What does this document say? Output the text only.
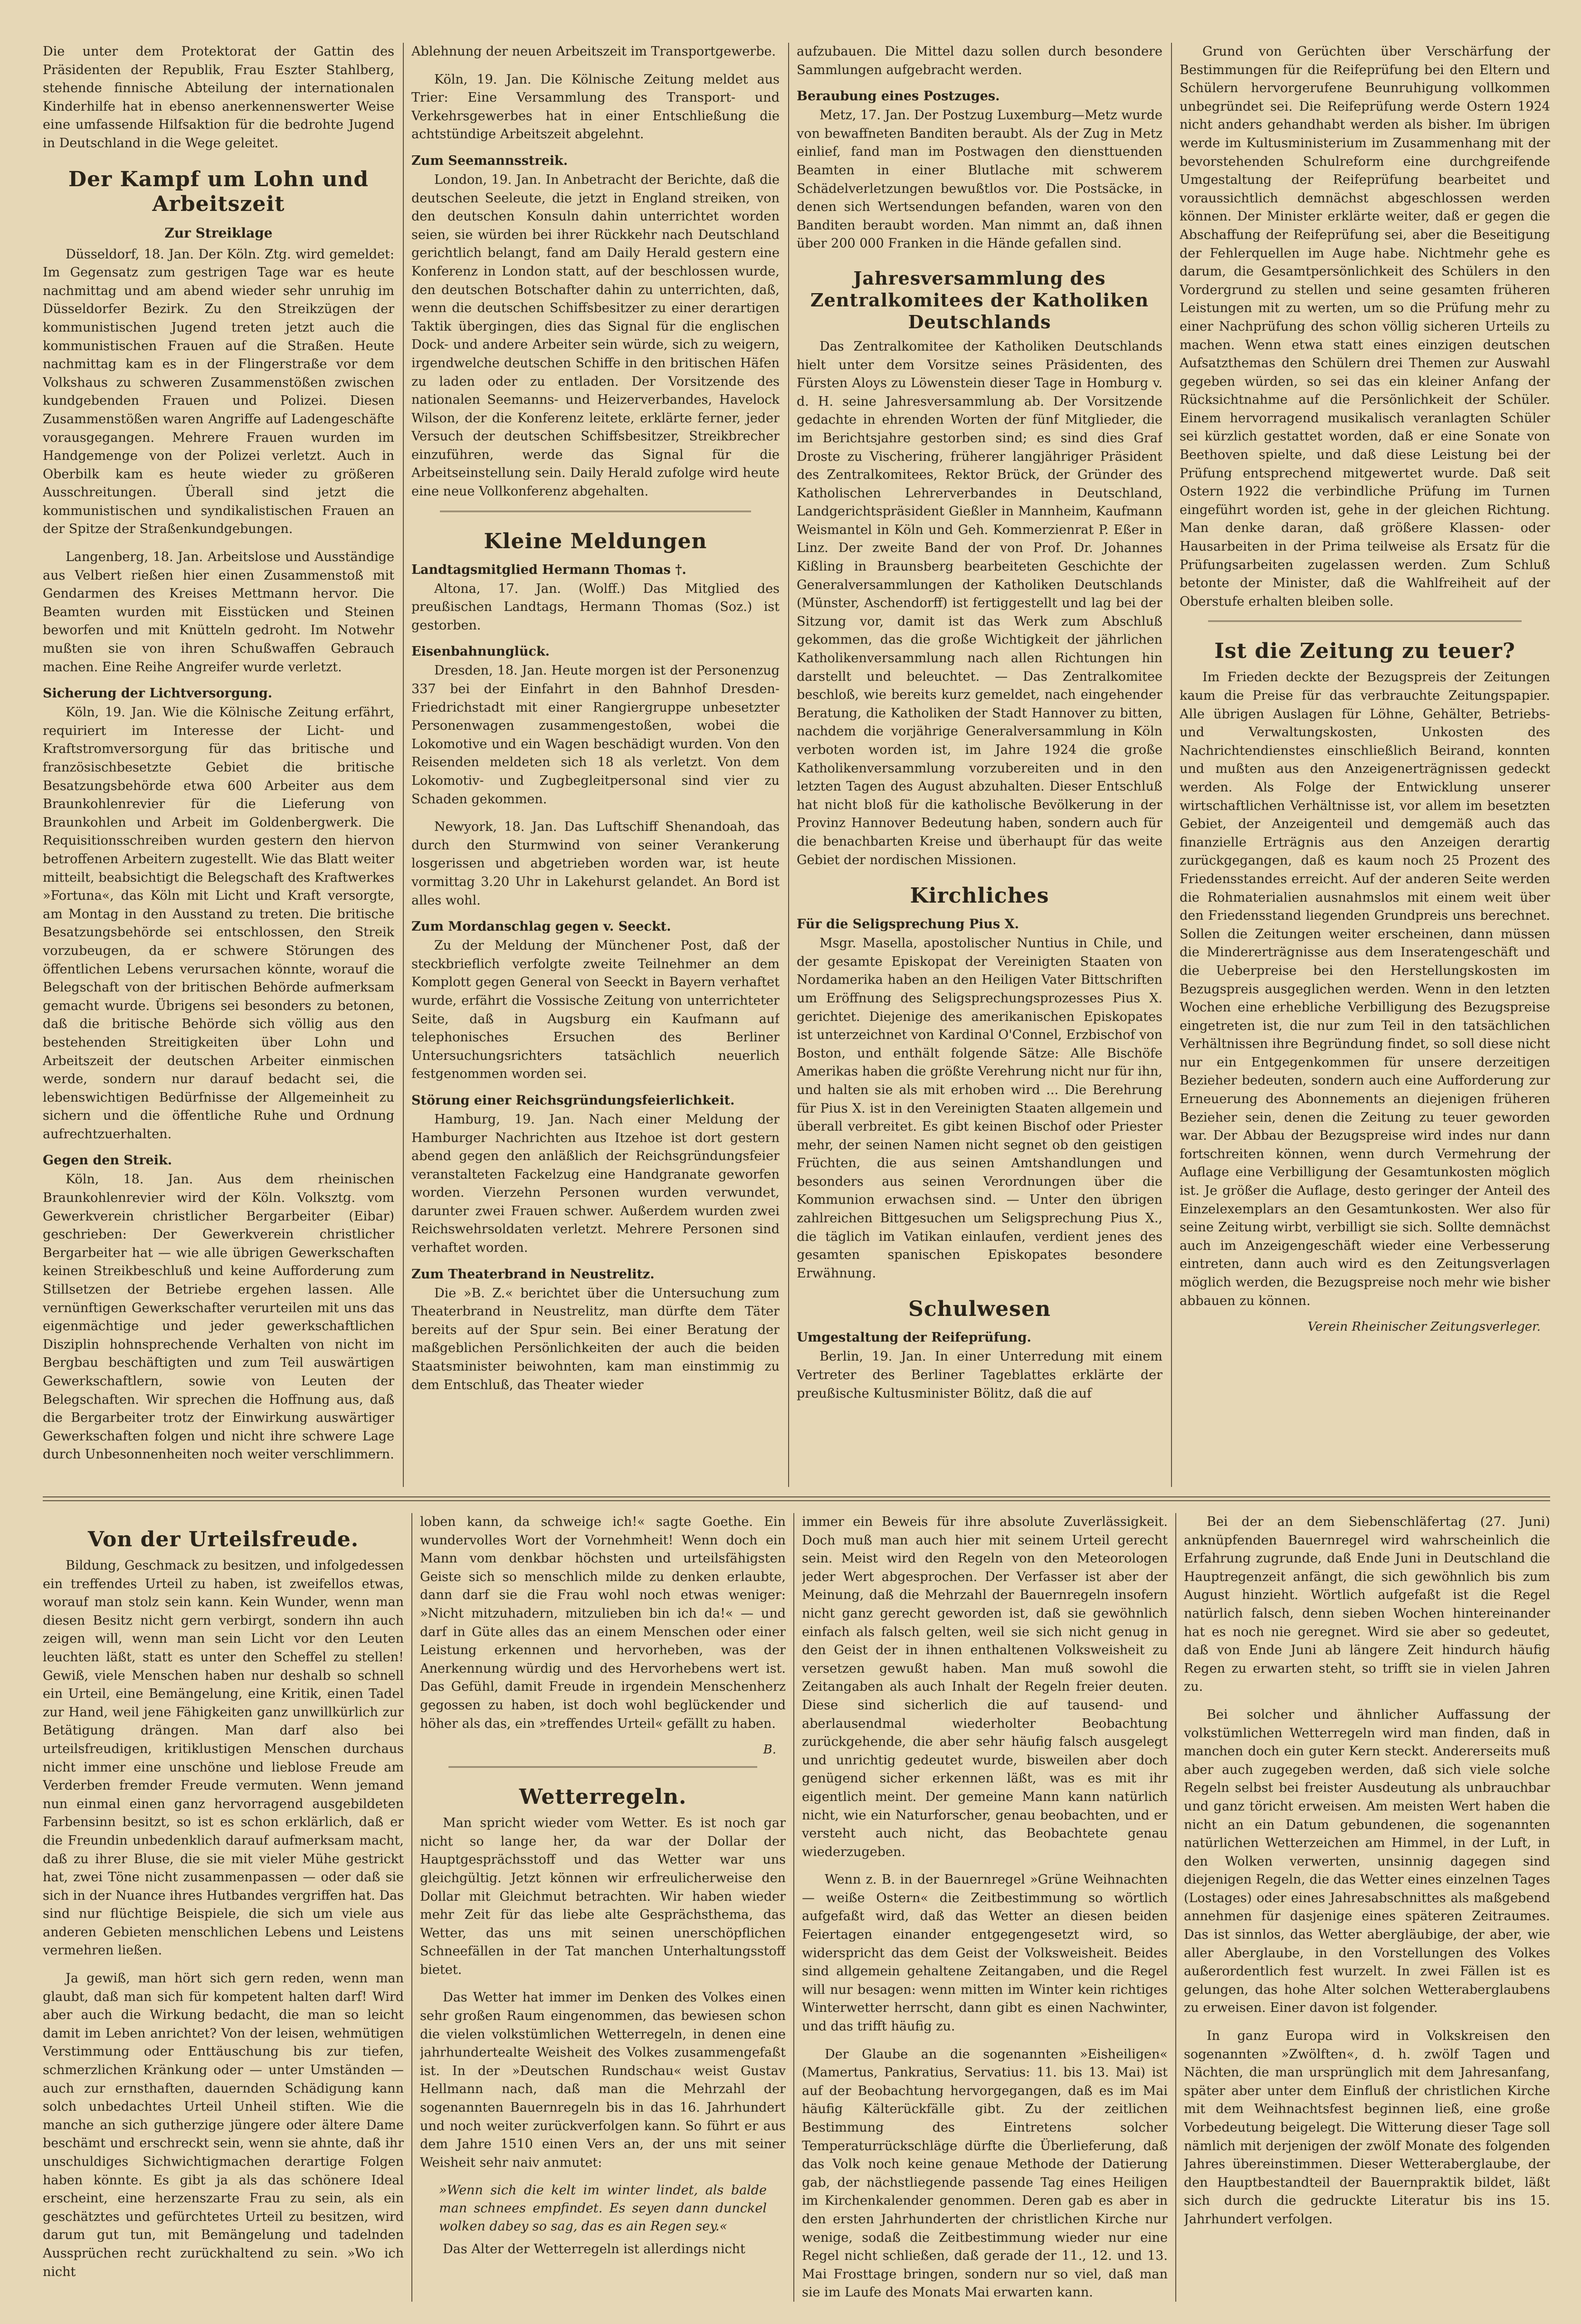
Die unter dem Protektorat der Gattin des Präsidenten der Republik, Frau Eszter Stahlberg, stehende finnische Abteilung der internationalen Kinderhilfe hat in ebenso anerkennenswerter Weise eine umfassende Hilfsaktion für die bedrohte Jugend in Deutschland in die Wege geleitet.

Der Kampf um Lohn und Arbeitszeit
Zur Streiklage

Düsseldorf, 18. Jan. Der Köln. Ztg. wird gemeldet: Im Gegensatz zum gestrigen Tage war es heute nachmittag und am abend wieder sehr unruhig im Düsseldorfer Bezirk. Zu den Streikzügen der kommunistischen Jugend treten jetzt auch die kommunistischen Frauen auf die Straßen. Heute nachmittag kam es in der Flingerstraße vor dem Volkshaus zu schweren Zusammenstößen zwischen kundgebenden Frauen und Polizei. Diesen Zusammenstößen waren Angriffe auf Ladengeschäfte vorausgegangen. Mehrere Frauen wurden im Handgemenge von der Polizei verletzt. Auch in Oberbilk kam es heute wieder zu größeren Ausschreitungen. Überall sind jetzt die kommunistischen und syndikalistischen Frauen an der Spitze der Straßenkundgebungen.

Langenberg, 18. Jan. Arbeitslose und Ausständige aus Velbert rießen hier einen Zusammenstoß mit Gendarmen des Kreises Mettmann hervor. Die Beamten wurden mit Eisstücken und Steinen beworfen und mit Knütteln gedroht. Im Notwehr mußten sie von ihren Schußwaffen Gebrauch machen. Eine Reihe Angreifer wurde verletzt.

Sicherung der Lichtversorgung.

Köln, 19. Jan. Wie die Kölnische Zeitung erfährt, requiriert im Interesse der Licht- und Kraftstromversorgung für das britische und französischbesetzte Gebiet die britische Besatzungsbehörde etwa 600 Arbeiter aus dem Braunkohlenrevier für die Lieferung von Braunkohlen und Arbeit im Goldenbergwerk. Die Requisitionsschreiben wurden gestern den hiervon betroffenen Arbeitern zugestellt. Wie das Blatt weiter mitteilt, beabsichtigt die Belegschaft des Kraftwerkes »Fortuna«, das Köln mit Licht und Kraft versorgte, am Montag in den Ausstand zu treten. Die britische Besatzungsbehörde sei entschlossen, den Streik vorzubeugen, da er schwere Störungen des öffentlichen Lebens verursachen könnte, worauf die Belegschaft von der britischen Behörde aufmerksam gemacht wurde. Übrigens sei besonders zu betonen, daß die britische Behörde sich völlig aus den bestehenden Streitigkeiten über Lohn und Arbeitszeit der deutschen Arbeiter einmischen werde, sondern nur darauf bedacht sei, die lebenswichtigen Bedürfnisse der Allgemeinheit zu sichern und die öffentliche Ruhe und Ordnung aufrechtzuerhalten.

Gegen den Streik.

Köln, 18. Jan. Aus dem rheinischen Braunkohlenrevier wird der Köln. Volksztg. vom Gewerkverein christlicher Bergarbeiter (Eibar) geschrieben: Der Gewerkverein christlicher Bergarbeiter hat — wie alle übrigen Gewerkschaften keinen Streikbeschluß und keine Aufforderung zum Stillsetzen der Betriebe ergehen lassen. Alle vernünftigen Gewerkschafter verurteilen mit uns das eigenmächtige und jeder gewerkschaftlichen Disziplin hohnsprechende Verhalten von nicht im Bergbau beschäftigten und zum Teil auswärtigen Gewerkschaftlern, sowie von Leuten der Belegschaften. Wir sprechen die Hoffnung aus, daß die Bergarbeiter trotz der Einwirkung auswärtiger Gewerkschaften folgen und nicht ihre schwere Lage durch Unbesonnenheiten noch weiter verschlimmern.

Ablehnung der neuen Arbeitszeit im Transportgewerbe.

Köln, 19. Jan. Die Kölnische Zeitung meldet aus Trier: Eine Versammlung des Transport- und Verkehrsgewerbes hat in einer Entschließung die achtstündige Arbeitszeit abgelehnt.

Zum Seemannsstreik.

London, 19. Jan. In Anbetracht der Berichte, daß die deutschen Seeleute, die jetzt in England streiken, von den deutschen Konsuln dahin unterrichtet worden seien, sie würden bei ihrer Rückkehr nach Deutschland gerichtlich belangt, fand am Daily Herald gestern eine Konferenz in London statt, auf der beschlossen wurde, den deutschen Botschafter dahin zu unterrichten, daß, wenn die deutschen Schiffsbesitzer zu einer derartigen Taktik übergingen, dies das Signal für die englischen Dock- und andere Arbeiter sein würde, sich zu weigern, irgendwelche deutschen Schiffe in den britischen Häfen zu laden oder zu entladen. Der Vorsitzende des nationalen Seemanns- und Heizerverbandes, Havelock Wilson, der die Konferenz leitete, erklärte ferner, jeder Versuch der deutschen Schiffsbesitzer, Streikbrecher einzuführen, werde das Signal für die Arbeitseinstellung sein. Daily Herald zufolge wird heute eine neue Vollkonferenz abgehalten.

Kleine Meldungen
Landtagsmitglied Hermann Thomas †.

Altona, 17. Jan. (Wolff.) Das Mitglied des preußischen Landtags, Hermann Thomas (Soz.) ist gestorben.

Eisenbahnunglück.

Dresden, 18. Jan. Heute morgen ist der Personenzug 337 bei der Einfahrt in den Bahnhof Dresden-Friedrichstadt mit einer Rangiergruppe unbesetzter Personenwagen zusammengestoßen, wobei die Lokomotive und ein Wagen beschädigt wurden. Von den Reisenden meldeten sich 18 als verletzt. Von dem Lokomotiv- und Zugbegleitpersonal sind vier zu Schaden gekommen.

Newyork, 18. Jan. Das Luftschiff Shenandoah, das durch den Sturmwind von seiner Verankerung losgerissen und abgetrieben worden war, ist heute vormittag 3.20 Uhr in Lakehurst gelandet. An Bord ist alles wohl.

Zum Mordanschlag gegen v. Seeckt.

Zu der Meldung der Münchener Post, daß der steckbrieflich verfolgte zweite Teilnehmer an dem Komplott gegen General von Seeckt in Bayern verhaftet wurde, erfährt die Vossische Zeitung von unterrichteter Seite, daß in Augsburg ein Kaufmann auf telephonisches Ersuchen des Berliner Untersuchungsrichters tatsächlich neuerlich festgenommen worden sei.

Störung einer Reichsgründungsfeierlichkeit.

Hamburg, 19. Jan. Nach einer Meldung der Hamburger Nachrichten aus Itzehoe ist dort gestern abend gegen den anläßlich der Reichsgründungsfeier veranstalteten Fackelzug eine Handgranate geworfen worden. Vierzehn Personen wurden verwundet, darunter zwei Frauen schwer. Außerdem wurden zwei Reichswehrsoldaten verletzt. Mehrere Personen sind verhaftet worden.

Zum Theaterbrand in Neustrelitz.

Die »B. Z.« berichtet über die Untersuchung zum Theaterbrand in Neustrelitz, man dürfte dem Täter bereits auf der Spur sein. Bei einer Beratung der maßgeblichen Persönlichkeiten der auch die beiden Staatsminister beiwohnten, kam man einstimmig zu dem Entschluß, das Theater wieder

aufzubauen. Die Mittel dazu sollen durch besondere Sammlungen aufgebracht werden.

Beraubung eines Postzuges.

Metz, 17. Jan. Der Postzug Luxemburg—Metz wurde von bewaffneten Banditen beraubt. Als der Zug in Metz einlief, fand man im Postwagen den diensttuenden Beamten in einer Blutlache mit schwerem Schädelverletzungen bewußtlos vor. Die Postsäcke, in denen sich Wertsendungen befanden, waren von den Banditen beraubt worden. Man nimmt an, daß ihnen über 200 000 Franken in die Hände gefallen sind.

Jahresversammlung des Zentralkomitees der Katholiken Deutschlands

Das Zentralkomitee der Katholiken Deutschlands hielt unter dem Vorsitze seines Präsidenten, des Fürsten Aloys zu Löwenstein dieser Tage in Homburg v. d. H. seine Jahresversammlung ab. Der Vorsitzende gedachte in ehrenden Worten der fünf Mitglieder, die im Berichtsjahre gestorben sind; es sind dies Graf Droste zu Vischering, früherer langjähriger Präsident des Zentralkomitees, Rektor Brück, der Gründer des Katholischen Lehrerverbandes in Deutschland, Landgerichtspräsident Gießler in Mannheim, Kaufmann Weismantel in Köln und Geh. Kommerzienrat P. Eßer in Linz. Der zweite Band der von Prof. Dr. Johannes Kißling in Braunsberg bearbeiteten Geschichte der Generalversammlungen der Katholiken Deutschlands (Münster, Aschendorff) ist fertiggestellt und lag bei der Sitzung vor, damit ist das Werk zum Abschluß gekommen, das die große Wichtigkeit der jährlichen Katholikenversammlung nach allen Richtungen hin darstellt und beleuchtet. — Das Zentralkomitee beschloß, wie bereits kurz gemeldet, nach eingehender Beratung, die Katholiken der Stadt Hannover zu bitten, nachdem die vorjährige Generalversammlung in Köln verboten worden ist, im Jahre 1924 die große Katholikenversammlung vorzubereiten und in den letzten Tagen des August abzuhalten. Dieser Entschluß hat nicht bloß für die katholische Bevölkerung in der Provinz Hannover Bedeutung haben, sondern auch für die benachbarten Kreise und überhaupt für das weite Gebiet der nordischen Missionen.

Kirchliches
Für die Seligsprechung Pius X.

Msgr. Masella, apostolischer Nuntius in Chile, und der gesamte Episkopat der Vereinigten Staaten von Nordamerika haben an den Heiligen Vater Bittschriften um Eröffnung des Seligsprechungsprozesses Pius X. gerichtet. Diejenige des amerikanischen Episkopates ist unterzeichnet von Kardinal O'Connel, Erzbischof von Boston, und enthält folgende Sätze: Alle Bischöfe Amerikas haben die größte Verehrung nicht nur für ihn, und halten sie als mit erhoben wird ... Die Berehrung für Pius X. ist in den Vereinigten Staaten allgemein und überall verbreitet. Es gibt keinen Bischof oder Priester mehr, der seinen Namen nicht segnet ob den geistigen Früchten, die aus seinen Amtshandlungen und besonders aus seinen Verordnungen über die Kommunion erwachsen sind. — Unter den übrigen zahlreichen Bittgesuchen um Seligsprechung Pius X., die täglich im Vatikan einlaufen, verdient jenes des gesamten spanischen Episkopates besondere Erwähnung.

Schulwesen
Umgestaltung der Reifeprüfung.

Berlin, 19. Jan. In einer Unterredung mit einem Vertreter des Berliner Tageblattes erklärte der preußische Kultusminister Bölitz, daß die auf

Grund von Gerüchten über Verschärfung der Bestimmungen für die Reifeprüfung bei den Eltern und Schülern hervorgerufene Beunruhigung vollkommen unbegründet sei. Die Reifeprüfung werde Ostern 1924 nicht anders gehandhabt werden als bisher. Im übrigen werde im Kultusministerium im Zusammenhang mit der bevorstehenden Schulreform eine durchgreifende Umgestaltung der Reifeprüfung bearbeitet und voraussichtlich demnächst abgeschlossen werden können. Der Minister erklärte weiter, daß er gegen die Abschaffung der Reifeprüfung sei, aber die Beseitigung der Fehlerquellen im Auge habe. Nichtmehr gehe es darum, die Gesamtpersönlichkeit des Schülers in den Vordergrund zu stellen und seine gesamten früheren Leistungen mit zu werten, um so die Prüfung mehr zu einer Nachprüfung des schon völlig sicheren Urteils zu machen. Wenn etwa statt eines einzigen deutschen Aufsatzthemas den Schülern drei Themen zur Auswahl gegeben würden, so sei das ein kleiner Anfang der Rücksichtnahme auf die Persönlichkeit der Schüler. Einem hervorragend musikalisch veranlagten Schüler sei kürzlich gestattet worden, daß er eine Sonate von Beethoven spielte, und daß diese Leistung bei der Prüfung entsprechend mitgewertet wurde. Daß seit Ostern 1922 die verbindliche Prüfung im Turnen eingeführt worden ist, gehe in der gleichen Richtung. Man denke daran, daß größere Klassen- oder Hausarbeiten in der Prima teilweise als Ersatz für die Prüfungsarbeiten zugelassen werden. Zum Schluß betonte der Minister, daß die Wahlfreiheit auf der Oberstufe erhalten bleiben solle.

Ist die Zeitung zu teuer?

Im Frieden deckte der Bezugspreis der Zeitungen kaum die Preise für das verbrauchte Zeitungspapier. Alle übrigen Auslagen für Löhne, Gehälter, Betriebs- und Verwaltungskosten, Unkosten des Nachrichtendienstes einschließlich Beirand, konnten und mußten aus den Anzeigenerträgnissen gedeckt werden. Als Folge der Entwicklung unserer wirtschaftlichen Verhältnisse ist, vor allem im besetzten Gebiet, der Anzeigenteil und demgemäß auch das finanzielle Erträgnis aus den Anzeigen derartig zurückgegangen, daß es kaum noch 25 Prozent des Friedensstandes erreicht. Auf der anderen Seite werden die Rohmaterialien ausnahmslos mit einem weit über den Friedensstand liegenden Grundpreis uns berechnet. Sollen die Zeitungen weiter erscheinen, dann müssen die Mindererträgnisse aus dem Inseratengeschäft und die Ueberpreise bei den Herstellungskosten im Bezugspreis ausgeglichen werden. Wenn in den letzten Wochen eine erhebliche Verbilligung des Bezugspreise eingetreten ist, die nur zum Teil in den tatsächlichen Verhältnissen ihre Begründung findet, so soll diese nicht nur ein Entgegenkommen für unsere derzeitigen Bezieher bedeuten, sondern auch eine Aufforderung zur Erneuerung des Abonnements an diejenigen früheren Bezieher sein, denen die Zeitung zu teuer geworden war. Der Abbau der Bezugspreise wird indes nur dann fortschreiten können, wenn durch Vermehrung der Auflage eine Verbilligung der Gesamtunkosten möglich ist. Je größer die Auflage, desto geringer der Anteil des Einzelexemplars an den Gesamtunkosten. Wer also für seine Zeitung wirbt, verbilligt sie sich. Sollte demnächst auch im Anzeigengeschäft wieder eine Verbesserung eintreten, dann auch wird es den Zeitungsverlagen möglich werden, die Bezugspreise noch mehr wie bisher abbauen zu können.

Verein Rheinischer Zeitungsverleger.
Von der Urteilsfreude.

Bildung, Geschmack zu besitzen, und infolgedessen ein treffendes Urteil zu haben, ist zweifellos etwas, worauf man stolz sein kann. Kein Wunder, wenn man diesen Besitz nicht gern verbirgt, sondern ihn auch zeigen will, wenn man sein Licht vor den Leuten leuchten läßt, statt es unter den Scheffel zu stellen! Gewiß, viele Menschen haben nur deshalb so schnell ein Urteil, eine Bemängelung, eine Kritik, einen Tadel zur Hand, weil jene Fähigkeiten ganz unwillkürlich zur Betätigung drängen. Man darf also bei urteilsfreudigen, kritiklustigen Menschen durchaus nicht immer eine unschöne und lieblose Freude am Verderben fremder Freude vermuten. Wenn jemand nun einmal einen ganz hervorragend ausgebildeten Farbensinn besitzt, so ist es schon erklärlich, daß er die Freundin unbedenklich darauf aufmerksam macht, daß zu ihrer Bluse, die sie mit vieler Mühe gestrickt hat, zwei Töne nicht zusammenpassen — oder daß sie sich in der Nuance ihres Hutbandes vergriffen hat. Das sind nur flüchtige Beispiele, die sich um viele aus anderen Gebieten menschlichen Lebens und Leistens vermehren ließen.

Ja gewiß, man hört sich gern reden, wenn man glaubt, daß man sich für kompetent halten darf! Wird aber auch die Wirkung bedacht, die man so leicht damit im Leben anrichtet? Von der leisen, wehmütigen Verstimmung oder Enttäuschung bis zur tiefen, schmerzlichen Kränkung oder — unter Umständen — auch zur ernsthaften, dauernden Schädigung kann solch unbedachtes Urteil Unheil stiften. Wie die manche an sich gutherzige jüngere oder ältere Dame beschämt und erschreckt sein, wenn sie ahnte, daß ihr unschuldiges Sichwichtigmachen derartige Folgen haben könnte. Es gibt ja als das schönere Ideal erscheint, eine herzenszarte Frau zu sein, als ein geschätztes und gefürchtetes Urteil zu besitzen, wird darum gut tun, mit Bemängelung und tadelnden Aussprüchen recht zurückhaltend zu sein. »Wo ich nicht

loben kann, da schweige ich!« sagte Goethe. Ein wundervolles Wort der Vornehmheit! Wenn doch ein Mann vom denkbar höchsten und urteilsfähigsten Geiste sich so menschlich milde zu denken erlaubte, dann darf sie die Frau wohl noch etwas weniger: »Nicht mitzuhadern, mitzulieben bin ich da!« — und darf in Güte alles das an einem Menschen oder einer Leistung erkennen und hervorheben, was der Anerkennung würdig und des Hervorhebens wert ist. Das Gefühl, damit Freude in irgendein Menschenherz gegossen zu haben, ist doch wohl beglückender und höher als das, ein »treffendes Urteil« gefällt zu haben.

B.
Wetterregeln.

Man spricht wieder vom Wetter. Es ist noch gar nicht so lange her, da war der Dollar der Hauptgesprächsstoff und das Wetter war uns gleichgültig. Jetzt können wir erfreulicherweise den Dollar mit Gleichmut betrachten. Wir haben wieder mehr Zeit für das liebe alte Gesprächsthema, das Wetter, das uns mit seinen unerschöpflichen Schneefällen in der Tat manchen Unterhaltungsstoff bietet.

Das Wetter hat immer im Denken des Volkes einen sehr großen Raum eingenommen, das bewiesen schon die vielen volkstümlichen Wetterregeln, in denen eine jahrhundertealte Weisheit des Volkes zusammengefaßt ist. In der »Deutschen Rundschau« weist Gustav Hellmann nach, daß man die Mehrzahl der sogenannten Bauernregeln bis in das 16. Jahrhundert und noch weiter zurückverfolgen kann. So führt er aus dem Jahre 1510 einen Vers an, der uns mit seiner Weisheit sehr naiv anmutet:

»Wenn sich die kelt im winter lindet, als balde man schnees empfindet. Es seyen dann dunckel wolken dabey so sag, das es ain Regen sey.«

Das Alter der Wetterregeln ist allerdings nicht

immer ein Beweis für ihre absolute Zuverlässigkeit. Doch muß man auch hier mit seinem Urteil gerecht sein. Meist wird den Regeln von den Meteorologen jeder Wert abgesprochen. Der Verfasser ist aber der Meinung, daß die Mehrzahl der Bauernregeln insofern nicht ganz gerecht geworden ist, daß sie gewöhnlich einfach als falsch gelten, weil sie sich nicht genug in den Geist der in ihnen enthaltenen Volksweisheit zu versetzen gewußt haben. Man muß sowohl die Zeitangaben als auch Inhalt der Regeln freier deuten. Diese sind sicherlich die auf tausend- und aberlausendmal wiederholter Beobachtung zurückgehende, die aber sehr häufig falsch ausgelegt und unrichtig gedeutet wurde, bisweilen aber doch genügend sicher erkennen läßt, was es mit ihr eigentlich meint. Der gemeine Mann kann natürlich nicht, wie ein Naturforscher, genau beobachten, und er versteht auch nicht, das Beobachtete genau wiederzugeben.

Wenn z. B. in der Bauernregel »Grüne Weihnachten — weiße Ostern« die Zeitbestimmung so wörtlich aufgefaßt wird, daß das Wetter an diesen beiden Feiertagen einander entgegengesetzt wird, so widerspricht das dem Geist der Volksweisheit. Beides sind allgemein gehaltene Zeitangaben, und die Regel will nur besagen: wenn mitten im Winter kein richtiges Winterwetter herrscht, dann gibt es einen Nachwinter, und das trifft häufig zu.

Der Glaube an die sogenannten »Eisheiligen« (Mamertus, Pankratius, Servatius: 11. bis 13. Mai) ist auf der Beobachtung hervorgegangen, daß es im Mai häufig Kälterückfälle gibt. Zu der zeitlichen Bestimmung des Eintretens solcher Temperaturrückschläge dürfte die Überlieferung, daß das Volk noch keine genaue Methode der Datierung gab, der nächstliegende passende Tag eines Heiligen im Kirchenkalender genommen. Deren gab es aber in den ersten Jahrhunderten der christlichen Kirche nur wenige, sodaß die Zeitbestimmung wieder nur eine Regel nicht schließen, daß gerade der 11., 12. und 13. Mai Frosttage bringen, sondern nur so viel, daß man sie im Laufe des Monats Mai erwarten kann.

Bei der an dem Siebenschläfertag (27. Juni) anknüpfenden Bauernregel wird wahrscheinlich die Erfahrung zugrunde, daß Ende Juni in Deutschland die Hauptregenzeit anfängt, die sich gewöhnlich bis zum August hinzieht. Wörtlich aufgefaßt ist die Regel natürlich falsch, denn sieben Wochen hintereinander hat es noch nie geregnet. Wird sie aber so gedeutet, daß von Ende Juni ab längere Zeit hindurch häufig Regen zu erwarten steht, so trifft sie in vielen Jahren zu.

Bei solcher und ähnlicher Auffassung der volkstümlichen Wetterregeln wird man finden, daß in manchen doch ein guter Kern steckt. Andererseits muß aber auch zugegeben werden, daß sich viele solche Regeln selbst bei freister Ausdeutung als unbrauchbar und ganz töricht erweisen. Am meisten Wert haben die nicht an ein Datum gebundenen, die sogenannten natürlichen Wetterzeichen am Himmel, in der Luft, in den Wolken verwerten, unsinnig dagegen sind diejenigen Regeln, die das Wetter eines einzelnen Tages (Lostages) oder eines Jahresabschnittes als maßgebend annehmen für dasjenige eines späteren Zeitraumes. Das ist sinnlos, das Wetter abergläubige, der aber, wie aller Aberglaube, in den Vorstellungen des Volkes außerordentlich fest wurzelt. In zwei Fällen ist es gelungen, das hohe Alter solchen Wetteraberglaubens zu erweisen. Einer davon ist folgender.

In ganz Europa wird in Volkskreisen den sogenannten »Zwölften«, d. h. zwölf Tagen und Nächten, die man ursprünglich mit dem Jahresanfang, später aber unter dem Einfluß der christlichen Kirche mit dem Weihnachtsfest beginnen ließ, eine große Vorbedeutung beigelegt. Die Witterung dieser Tage soll nämlich mit derjenigen der zwölf Monate des folgenden Jahres übereinstimmen. Dieser Wetteraberglaube, der den Hauptbestandteil der Bauernpraktik bildet, läßt sich durch die gedruckte Literatur bis ins 15. Jahrhundert verfolgen.
